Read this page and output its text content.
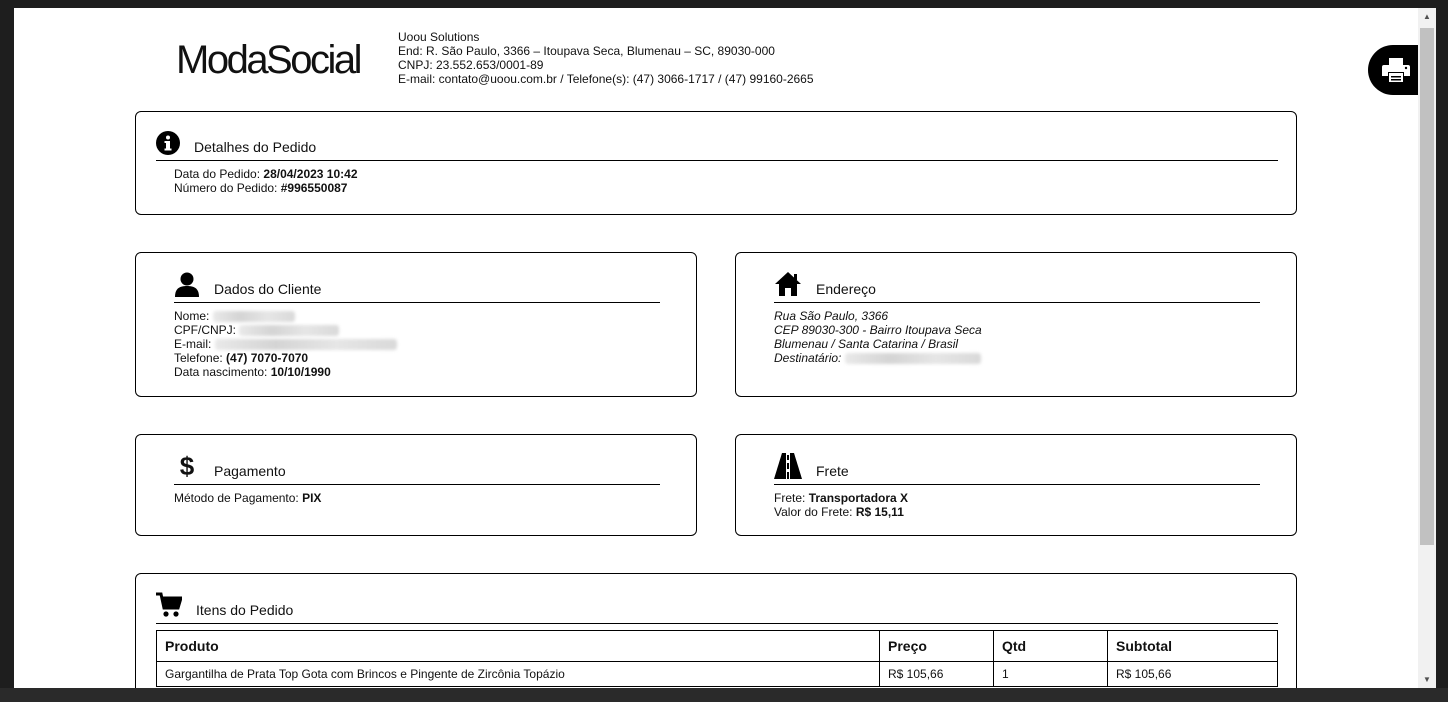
ModaSocial
Uoou Solutions
End: R. São Paulo, 3366 – Itoupava Seca, Blumenau – SC, 89030-000
CNPJ: 23.552.653/0001-89
E-mail: contato@uoou.com.br / Telefone(s): (47) 3066-1717 / (47) 99160-2665
Detalhes do Pedido
Data do Pedido: 28/04/2023 10:42
Número do Pedido: #996550087
Dados do Cliente
Nome:
CPF/CNPJ:
E-mail:
Telefone: (47) 7070-7070
Data nascimento: 10/10/1990
Endereço
Rua São Paulo, 3366
CEP 89030-300 - Bairro Itoupava Seca
Blumenau / Santa Catarina / Brasil
Destinatário:
$	Pagamento
Método de Pagamento: PIX
Frete
Frete: Transportadora X
Valor do Frete: R$ 15,11
Itens do Pedido
Produto	Preço	Qtd	Subtotal
Gargantilha de Prata Top Gota com Brincos e Pingente de Zircônia Topázio	R$ 105,66	1	R$ 105,66
▲
▼
